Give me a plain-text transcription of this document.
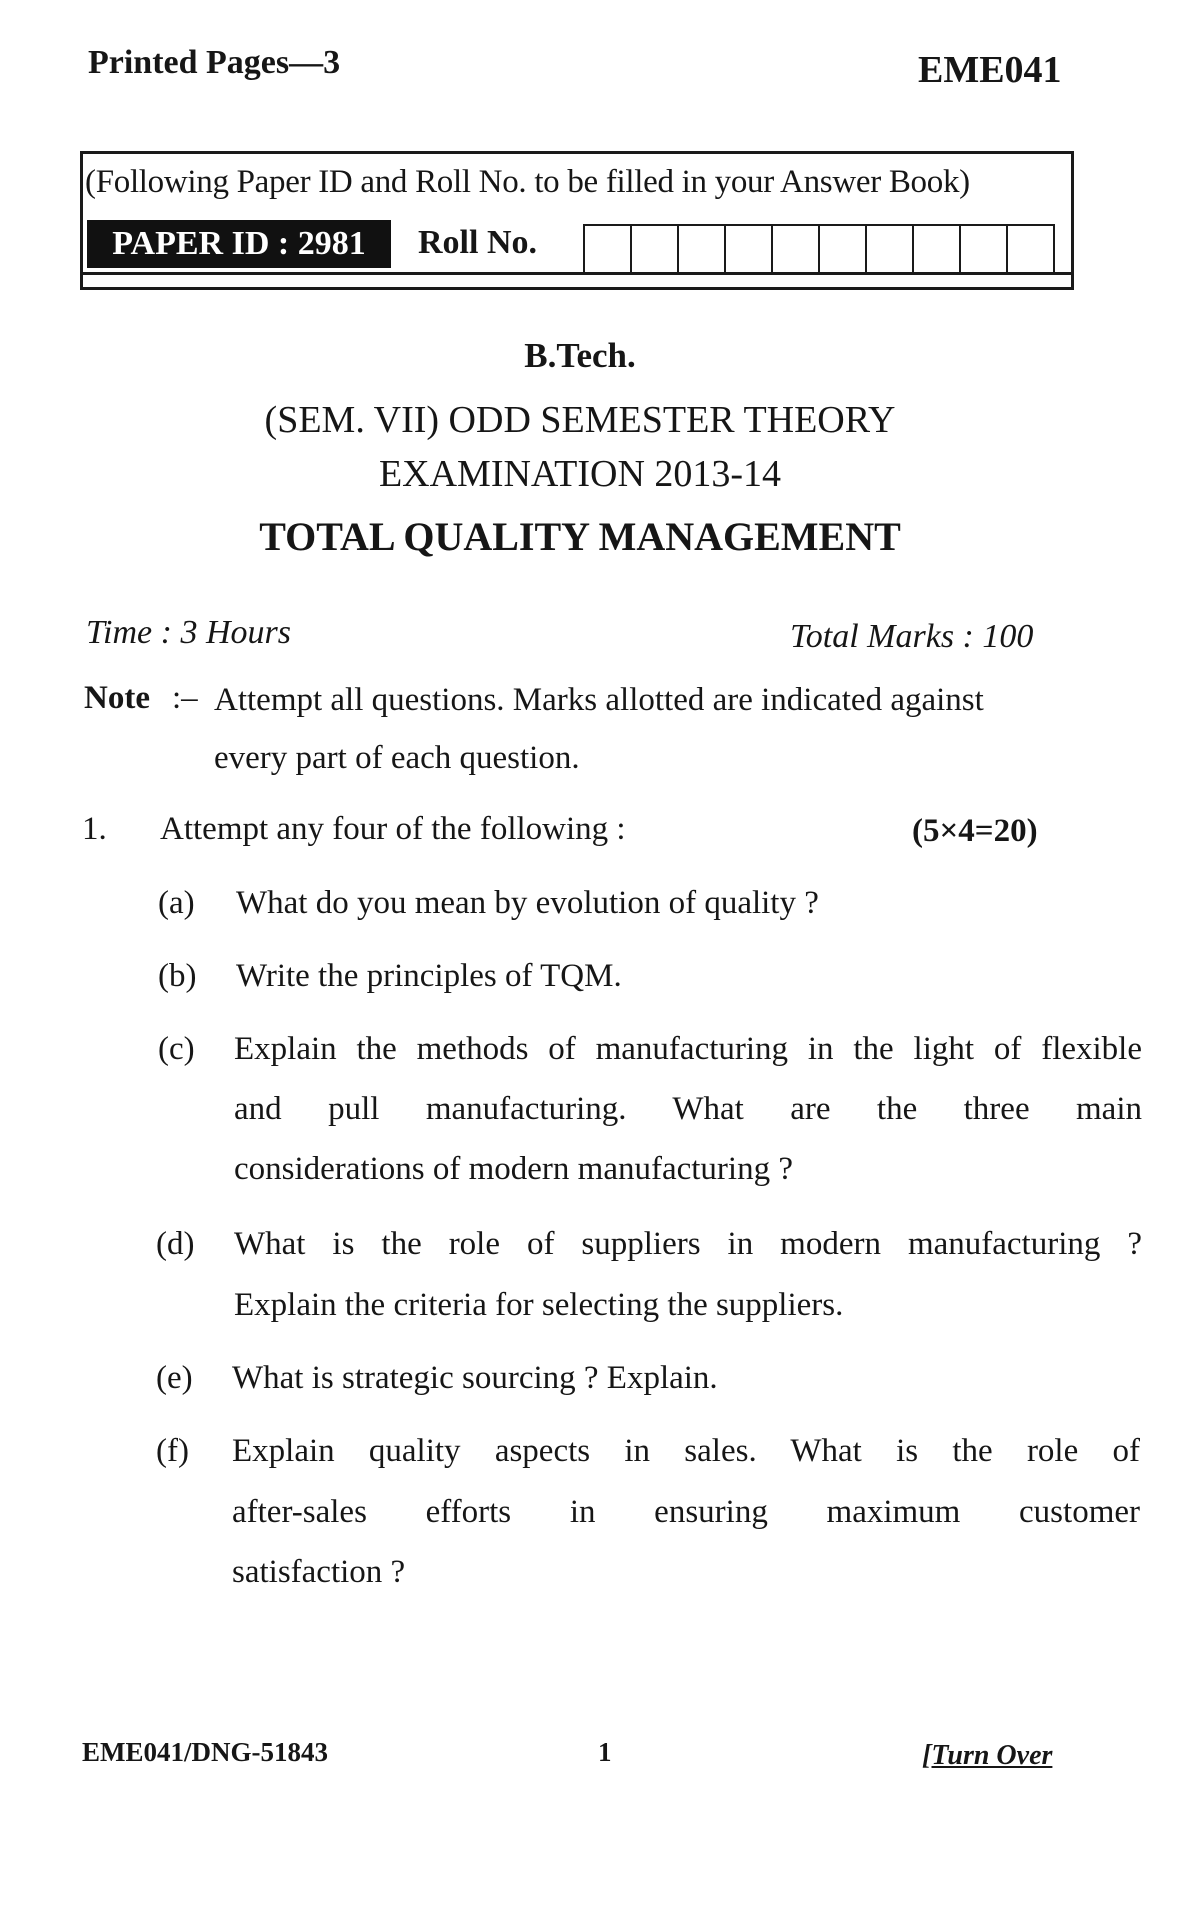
Printed Pages—3	EME041
(Following Paper ID and Roll No. to be filled in your Answer Book)
PAPER ID : 2981	Roll No.
B.Tech.
(SEM. VII) ODD SEMESTER THEORY
EXAMINATION 2013-14
TOTAL QUALITY MANAGEMENT
Time : 3 Hours	Total Marks : 100
Note :– Attempt all questions. Marks allotted are indicated against
every part of each question.
1. Attempt any four of the following :	(5×4=20)
(a) What do you mean by evolution of quality ?
(b) Write the principles of TQM.
(c) Explain the methods of manufacturing in the light of flexible
and pull manufacturing. What are the three main
considerations of modern manufacturing ?
(d) What is the role of suppliers in modern manufacturing ?
Explain the criteria for selecting the suppliers.
(e) What is strategic sourcing ? Explain.
(f) Explain quality aspects in sales. What is the role of
after-sales efforts in ensuring maximum customer
satisfaction ?
EME041/DNG-51843	1	[Turn Over
